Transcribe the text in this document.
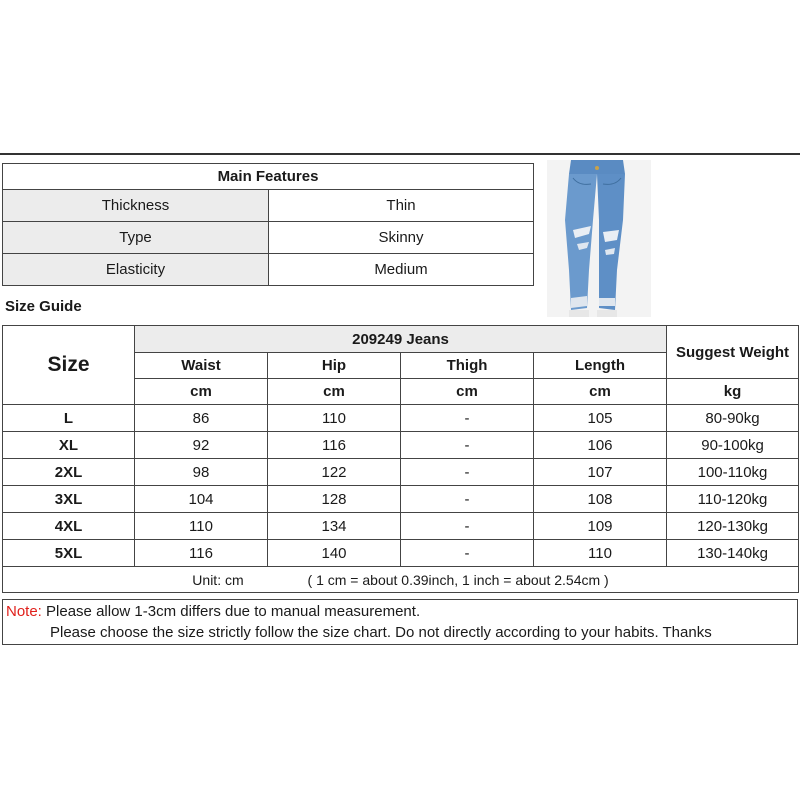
Main Features	
Thickness	Thin
Type	Skinny
Elasticity	Medium
Size Guide
Size	209249 Jeans				Suggest Weight
	Waist	Hip	Thigh	Length	
	cm	cm	cm	cm	kg
L	86	110	-	105	80-90kg
XL	92	116	-	106	90-100kg
2XL	98	122	-	107	100-110kg
3XL	104	128	-	108	110-120kg
4XL	110	134	-	109	120-130kg
5XL	116	140	-	110	130-140kg
Unit: cm ( 1 cm = about 0.39inch, 1 inch = about 2.54cm )					
Note: Please allow 1-3cm differs due to manual measurement.
Please choose the size strictly follow the size chart. Do not directly according to your habits. Thanks
